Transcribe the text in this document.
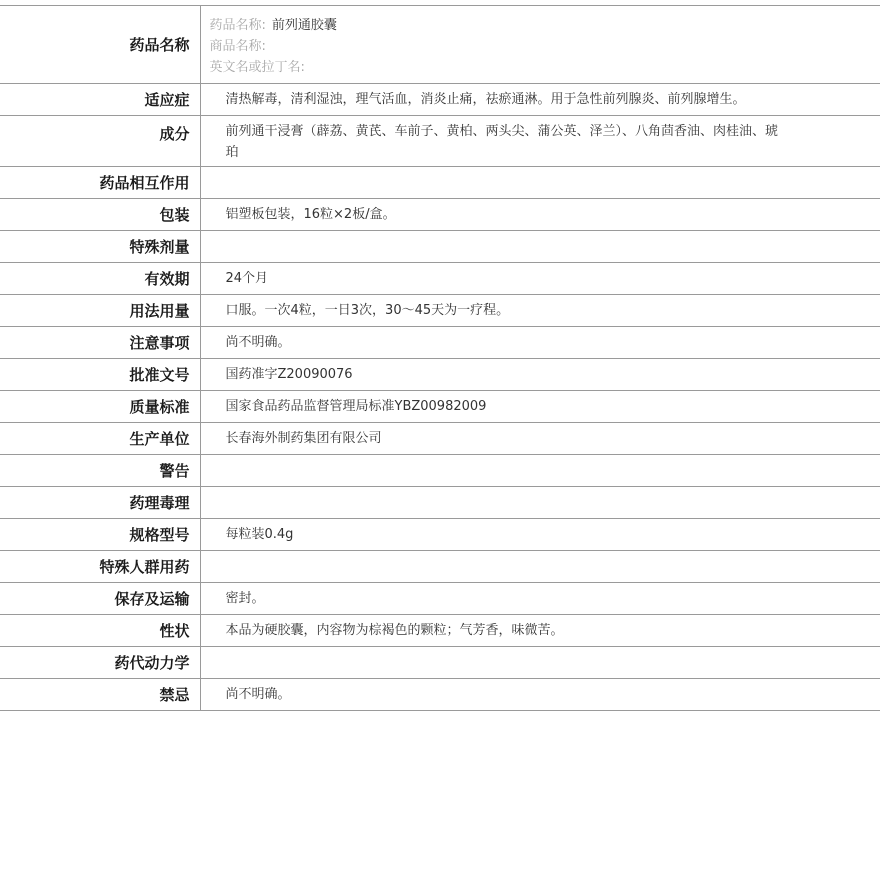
药品名称	药品名称: 前列通胶囊
商品名称:
英文名或拉丁名:

适应症	清热解毒，清利湿浊，理气活血，消炎止痛，祛瘀通淋。用于急性前列腺炎、前列腺增生。
成分	前列通干浸膏（薜荔、黄芪、车前子、黄柏、两头尖、蒲公英、泽兰）、八角茴香油、肉桂油、琥珀
药品相互作用	
包装	铝塑板包装，16粒×2板/盒。
特殊剂量	
有效期	24个月
用法用量	口服。一次4粒，一日3次，30～45天为一疗程。
注意事项	尚不明确。
批准文号	国药准字Z20090076
质量标准	国家食品药品监督管理局标准YBZ00982009
生产单位	长春海外制药集团有限公司
警告	
药理毒理	
规格型号	每粒装0.4g
特殊人群用药	
保存及运输	密封。
性状	本品为硬胶囊，内容物为棕褐色的颗粒；气芳香，味微苦。
药代动力学	
禁忌	尚不明确。
